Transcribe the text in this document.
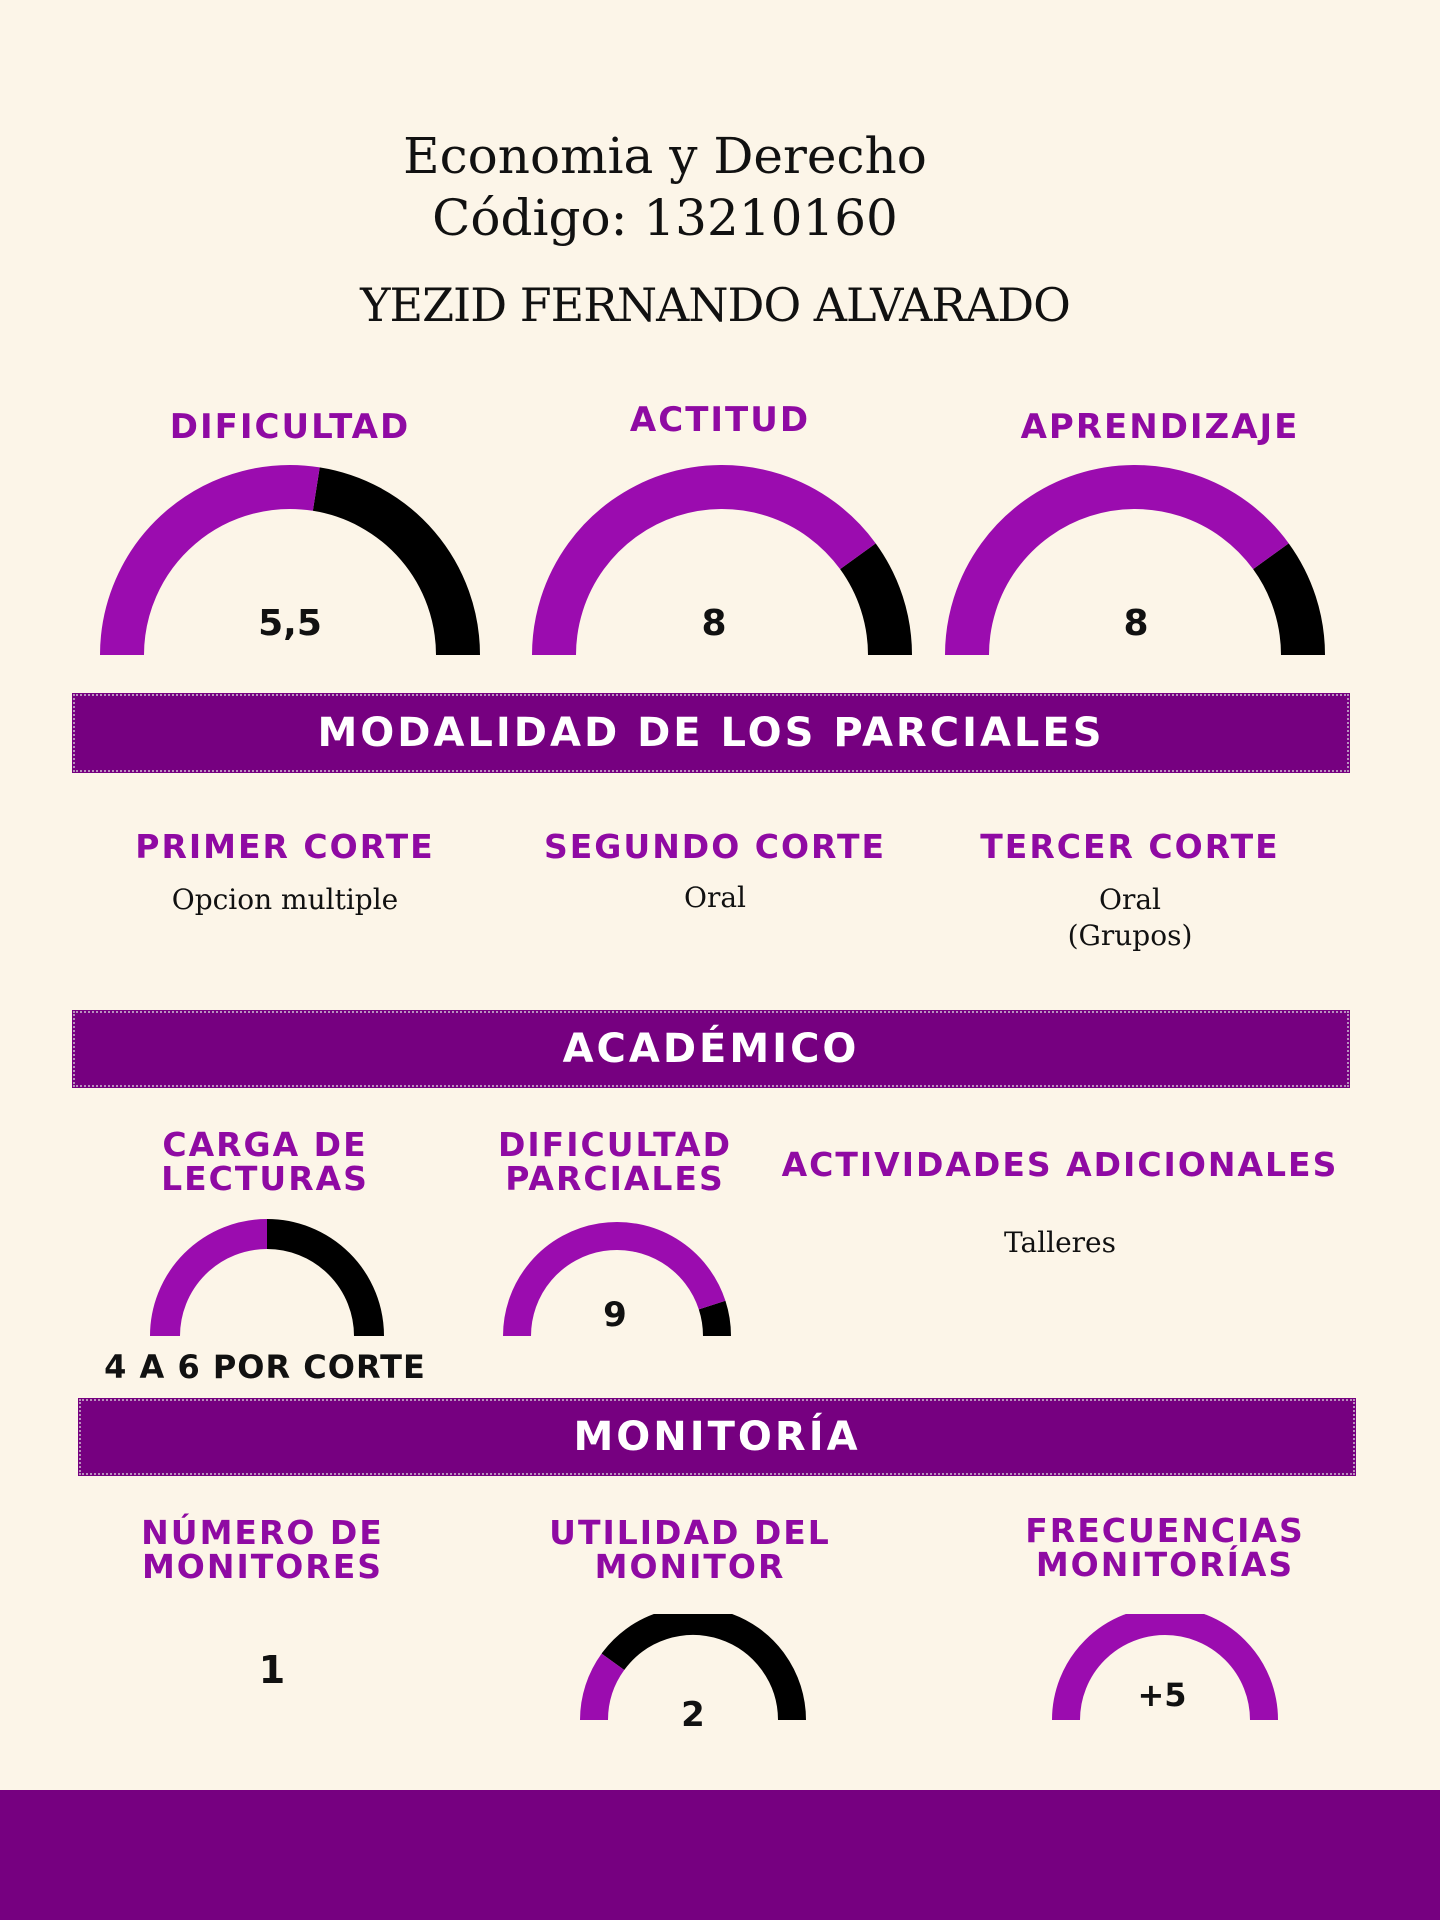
Economia y Derecho
Código: 13210160
YEZID FERNANDO ALVARADO
DIFICULTAD
5,5
ACTITUD
8
APRENDIZAJE
8
MODALIDAD DE LOS PARCIALES
PRIMER CORTE
Opcion multiple
SEGUNDO CORTE
Oral
TERCER CORTE
Oral
(Grupos)
ACADÉMICO
CARGA DE
LECTURAS
4 A 6 POR CORTE
DIFICULTAD
PARCIALES
9
ACTIVIDADES ADICIONALES
Talleres
MONITORÍA
NÚMERO DE
MONITORES
1
UTILIDAD DEL
MONITOR
2
FRECUENCIAS
MONITORÍAS
+5
